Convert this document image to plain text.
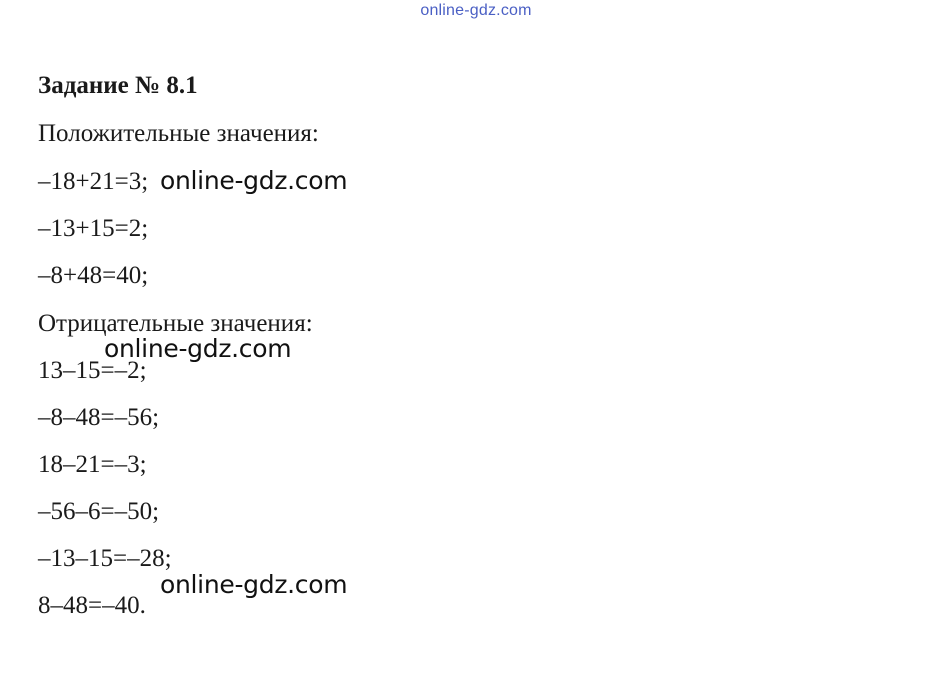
online-gdz.com
Задание № 8.1
Положительные значения:
–18+21=3;
–13+15=2;
–8+48=40;
Отрицательные значения:
13–15=–2;
–8–48=–56;
18–21=–3;
–56–6=–50;
–13–15=–28;
8–48=–40.
online-gdz.com
online-gdz.com
online-gdz.com
